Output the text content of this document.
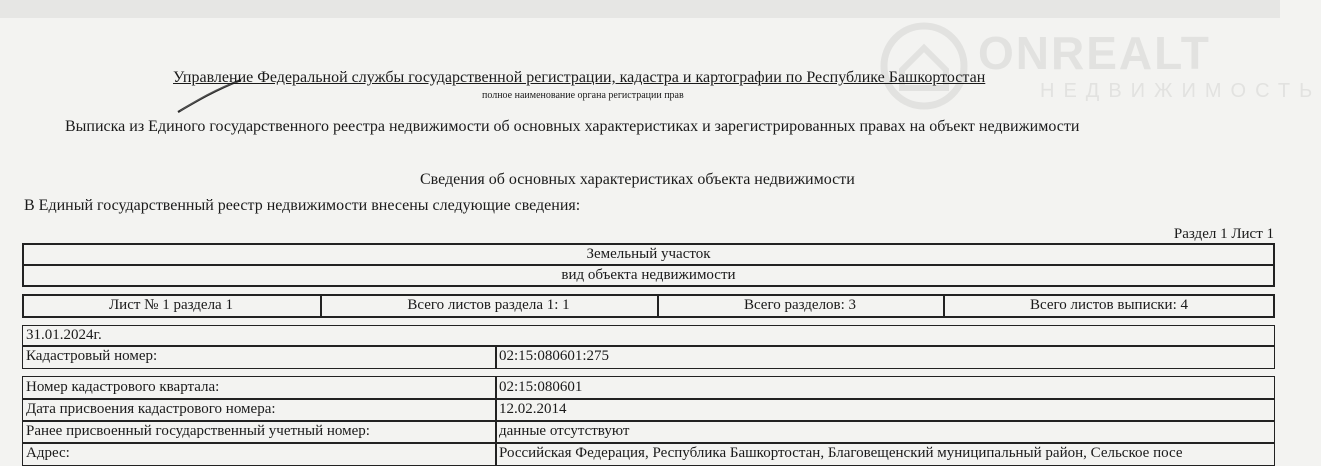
ONREALT
НЕДВИЖИМОСТЬ
Управление Федеральной службы государственной регистрации, кадастра и картографии по Республике Башкортостан
полное наименование органа регистрации прав
Выписка из Единого государственного реестра недвижимости об основных характеристиках и зарегистрированных правах на объект недвижимости
Сведения об основных характеристиках объекта недвижимости
В Единый государственный реестр недвижимости внесены следующие сведения:
Раздел 1 Лист 1
Земельный участок
вид объекта недвижимости
Лист № 1 раздела 1	Всего листов раздела 1: 1	Всего разделов: 3	Всего листов выписки: 4
31.01.2024г.
Кадастровый номер:	02:15:080601:275
Номер кадастрового квартала:	02:15:080601
Дата присвоения кадастрового номера:	12.02.2014
Ранее присвоенный государственный учетный номер:	данные отсутствуют
Адрес:	Российская Федерация, Республика Башкортостан, Благовещенский муниципальный район, Сельское посе
